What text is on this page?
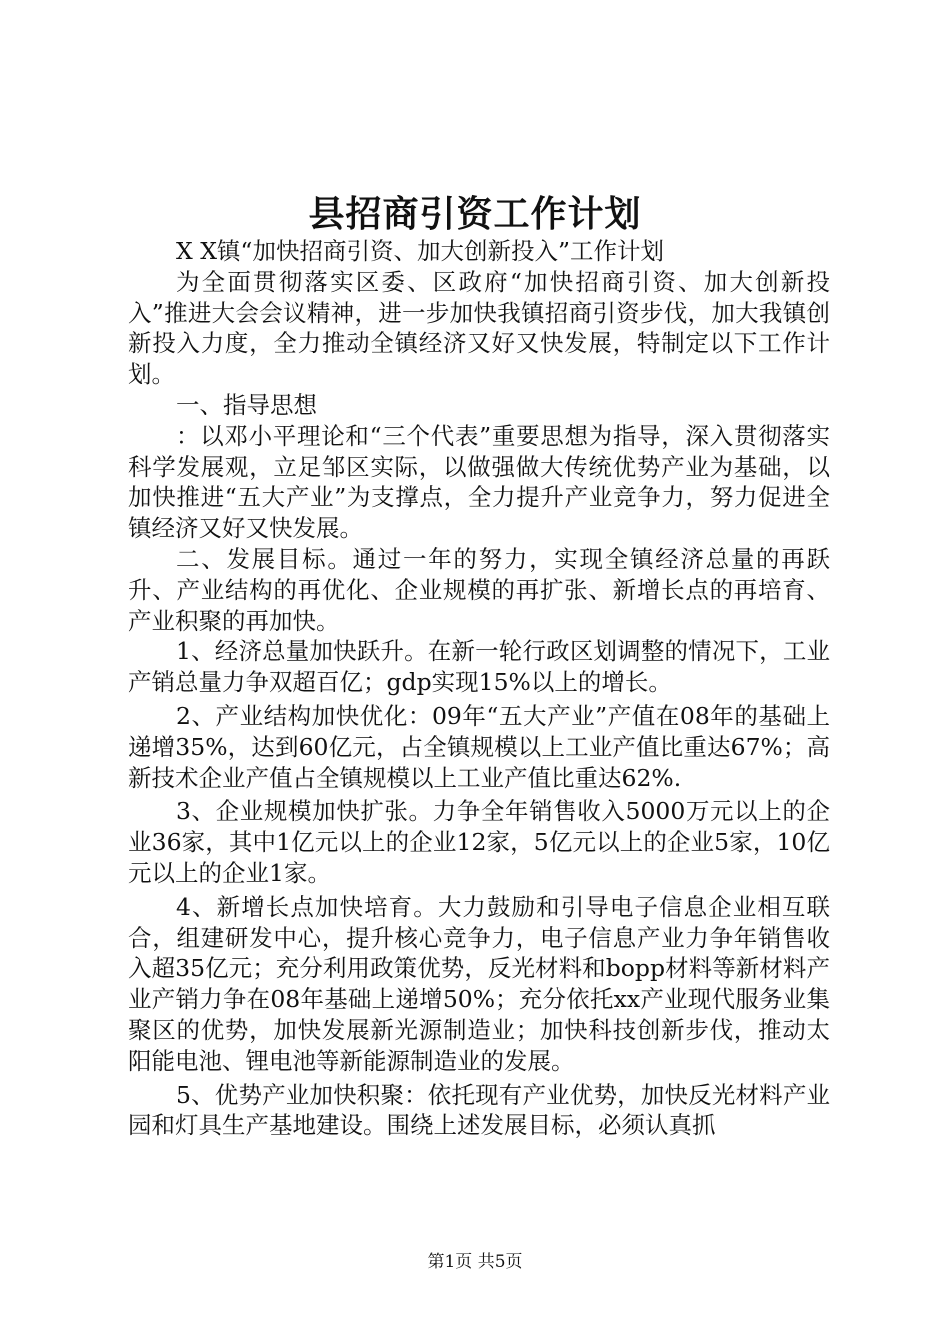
县招商引资工作计划

X X镇“加快招商引资、加大创新投入”工作计划

为全面贯彻落实区委、区政府“加快招商引资、加大创新投入”推进大会会议精神，进一步加快我镇招商引资步伐，加大我镇创新投入力度，全力推动全镇经济又好又快发展，特制定以下工作计划。

一、指导思想

：以邓小平理论和“三个代表”重要思想为指导，深入贯彻落实科学发展观，立足邹区实际，以做强做大传统优势产业为基础，以加快推进“五大产业”为支撑点，全力提升产业竞争力，努力促进全镇经济又好又快发展。

二、发展目标。通过一年的努力，实现全镇经济总量的再跃升、产业结构的再优化、企业规模的再扩张、新增长点的再培育、产业积聚的再加快。

1、经济总量加快跃升。在新一轮行政区划调整的情况下，工业产销总量力争双超百亿；gdp实现15%以上的增长。

2、产业结构加快优化：09年“五大产业”产值在08年的基础上递增35%，达到60亿元，占全镇规模以上工业产值比重达67%；高新技术企业产值占全镇规模以上工业产值比重达62%.

3、企业规模加快扩张。力争全年销售收入5000万元以上的企业36家，其中1亿元以上的企业12家，5亿元以上的企业5家，10亿元以上的企业1家。

4、新增长点加快培育。大力鼓励和引导电子信息企业相互联合，组建研发中心，提升核心竞争力，电子信息产业力争年销售收入超35亿元；充分利用政策优势，反光材料和bopp材料等新材料产业产销力争在08年基础上递增50%；充分依托xx产业现代服务业集聚区的优势，加快发展新光源制造业；加快科技创新步伐，推动太阳能电池、锂电池等新能源制造业的发展。

5、优势产业加快积聚：依托现有产业优势，加快反光材料产业园和灯具生产基地建设。围绕上述发展目标，必须认真抓

第1页 共5页
